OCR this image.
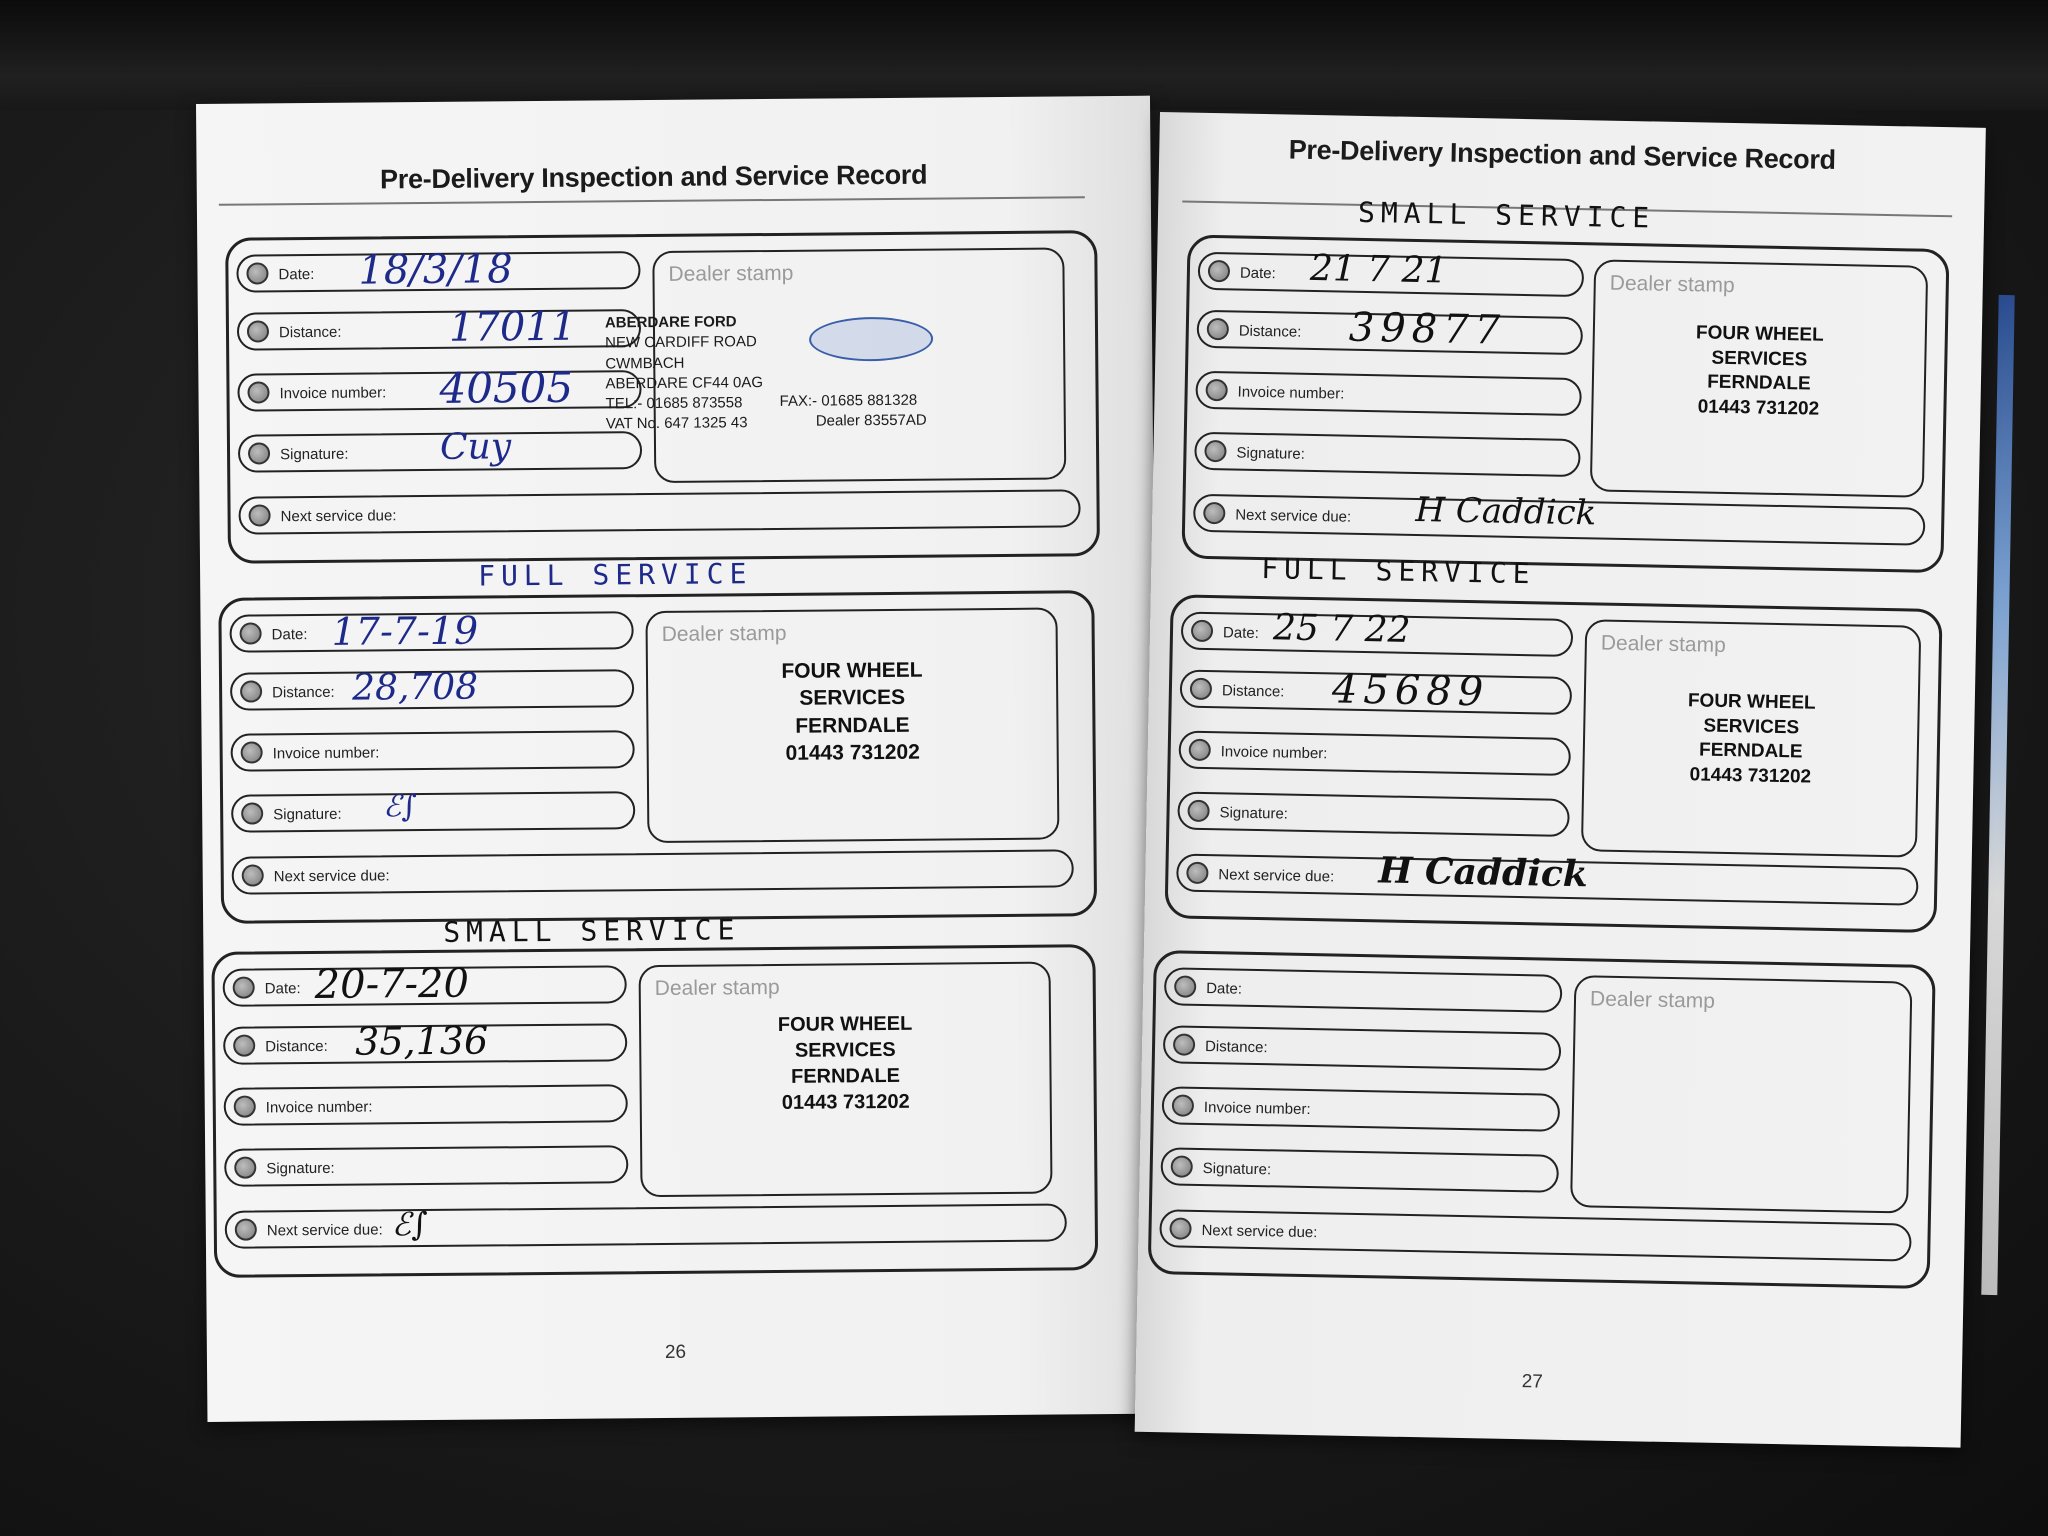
Pre-Delivery Inspection and Service Record
Date: 18/3/18
Distance:	17011
Invoice number: 40505
Signature:	Cuy
Next service due:
Dealer stamp
ABERDARE FORD
NEW CARDIFF ROAD
CWMBACH
ABERDARE CF44 0AG
TEL:- 01685 873558
VAT No. 647 1325 43
FAX:- 01685 881328
Dealer 83557AD
FULL SERVICE
Date: 17-7-19
Distance: 28,708
Invoice number:
Signature: ℰ∫
Next service due:
Dealer stamp
FOUR WHEEL
SERVICES
FERNDALE
01443 731202
SMALL SERVICE
Date: 20-7-20
Distance: 35,136
Invoice number:
Signature:
Next service due: ℰ∫
Dealer stamp
FOUR WHEEL
SERVICES
FERNDALE
01443 731202
26
Pre-Delivery Inspection and Service Record
SMALL SERVICE
Date: 21 7 21
Distance: 39877
Invoice number:
Signature:
Next service due: H Caddick
Dealer stamp
FOUR WHEEL
SERVICES
FERNDALE
01443 731202
FULL SERVICE
Date: 25 7 22
Distance: 45689
Invoice number:
Signature:
Next service due: H Caddick
Dealer stamp
FOUR WHEEL
SERVICES
FERNDALE
01443 731202
Date:
Distance:
Invoice number:
Signature:
Next service due:
Dealer stamp
27
